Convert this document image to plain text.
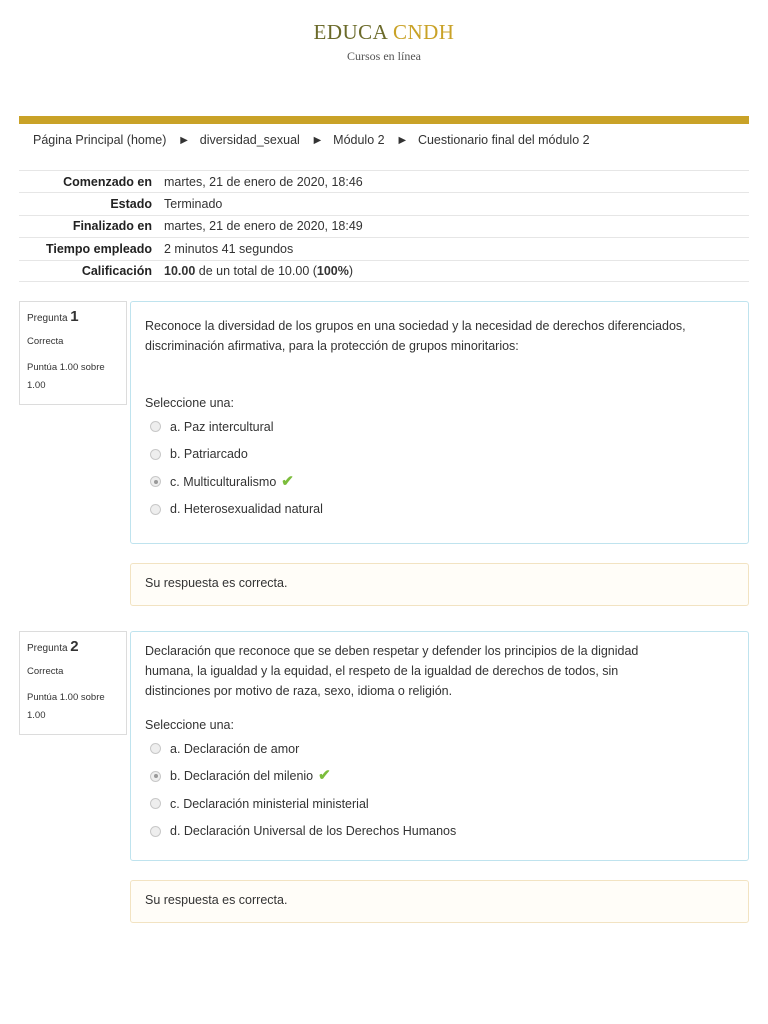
EDUCA CNDH
Cursos en línea
Página Principal (home) ► diversidad_sexual ► Módulo 2 ► Cuestionario final del módulo 2
Comenzado en martes, 21 de enero de 2020, 18:46
Estado Terminado
Finalizado en martes, 21 de enero de 2020, 18:49
Tiempo empleado 2 minutos 41 segundos
Calificación 10.00 de un total de 10.00 (100%)
Pregunta 1
Correcta
Puntúa 1.00 sobre 1.00
Reconoce la diversidad de los grupos en una sociedad y la necesidad de derechos diferenciados, discriminación afirmativa, para la protección de grupos minoritarios:
Seleccione una:
a. Paz intercultural
b. Patriarcado
c. Multiculturalismo ✔
d. Heterosexualidad natural
Su respuesta es correcta.
Pregunta 2
Correcta
Puntúa 1.00 sobre 1.00
Declaración que reconoce que se deben respetar y defender los principios de la dignidad humana, la igualdad y la equidad, el respeto de la igualdad de derechos de todos, sin distinciones por motivo de raza, sexo, idioma o religión.
Seleccione una:
a. Declaración de amor
b. Declaración del milenio ✔
c. Declaración ministerial ministerial
d. Declaración Universal de los Derechos Humanos
Su respuesta es correcta.
